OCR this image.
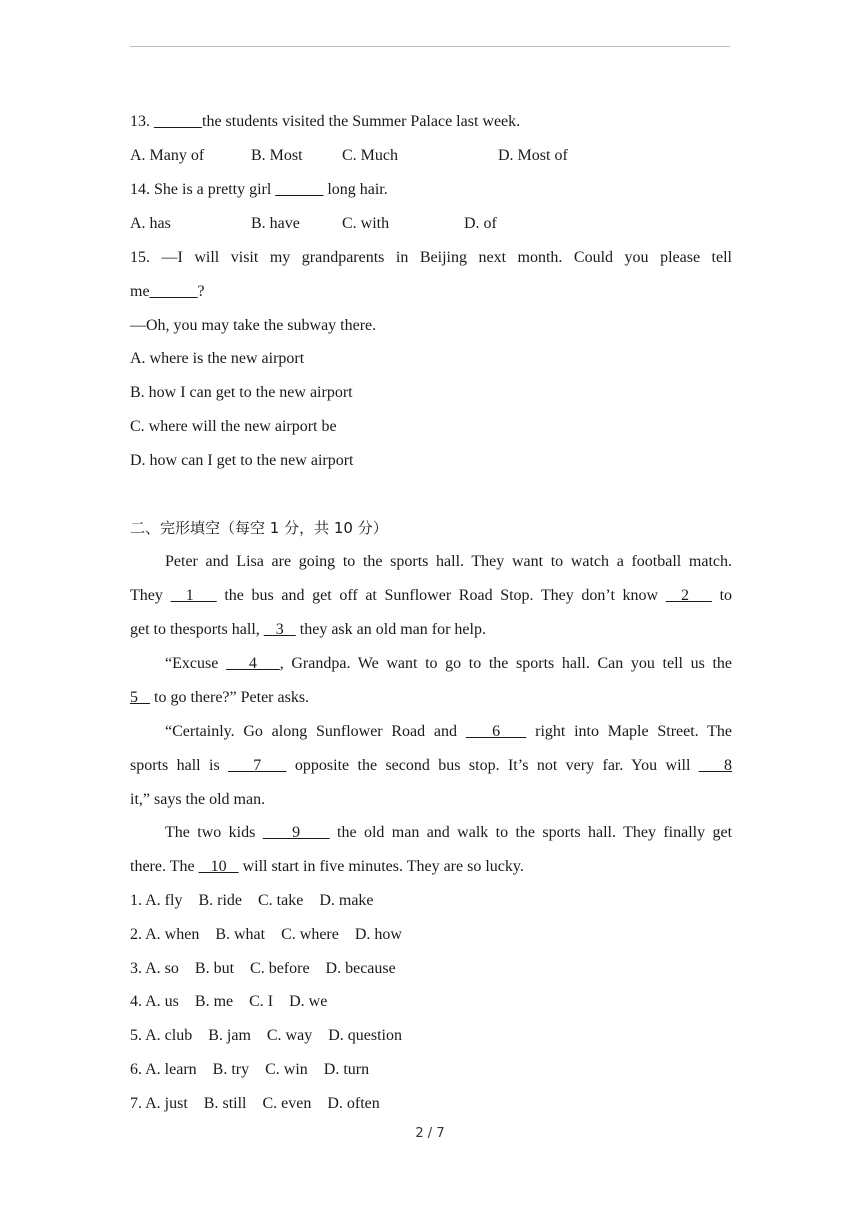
13. ______the students visited the Summer Palace last week.
A. Many of	B. Most C. Much	D. Most of
14. She is a pretty girl ______ long hair.
A. has	B. have	C. with	D. of
15. —I will visit my grandparents in Beijing next month. Could you please tell
me______?
—Oh, you may take the subway there.
A. where is the new airport
B. how I can get to the new airport
C. where will the new airport be
D. how can I get to the new airport
二、完形填空（每空 1 分，共 10 分）
Peter and Lisa are going to the sports hall. They want to watch a football match.
They   1    the bus and get off at Sunflower Road Stop. They don’t know   2    to
get to thesports hall,    3    they ask an old man for help.
“Excuse    4   , Grandpa. We want to go to the sports hall. Can you tell us the
5    to go there?” Peter asks.
“Certainly. Go along Sunflower Road and    6    right into Maple Street. The
sports hall is    7    opposite the second bus stop. It’s not very far. You will    8
it,” says the old man.
The two kids     9     the old man and walk to the sports hall. They finally get
there. The    10    will start in five minutes. They are so lucky.
1. A. fly    B. ride    C. take    D. make
2. A. when    B. what    C. where    D. how
3. A. so    B. but    C. before    D. because
4. A. us    B. me    C. I    D. we
5. A. club    B. jam    C. way    D. question
6. A. learn    B. try    C. win    D. turn
7. A. just    B. still    C. even    D. often
2 / 7
